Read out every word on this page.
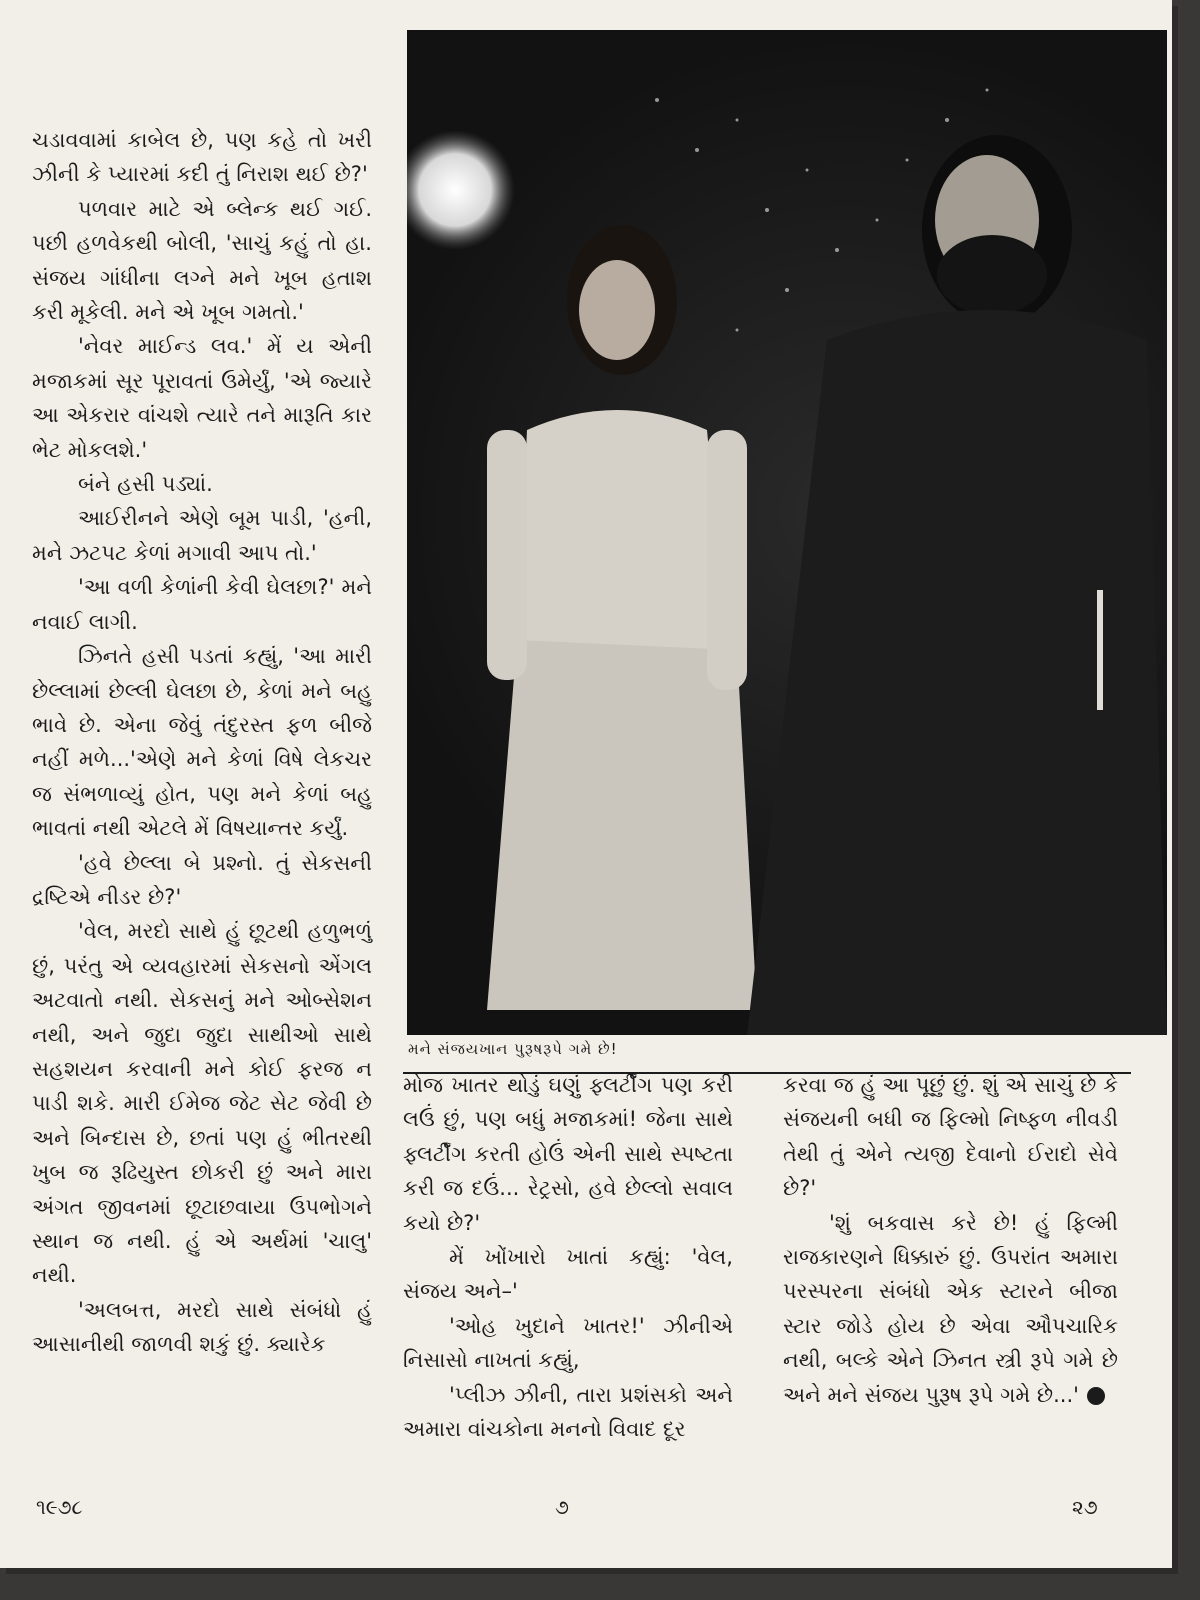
ચડાવવામાં કાબેલ છે, પણ કહે તો ખરી ઝીની કે પ્યારમાં કદી તું નિરાશ થઈ છે?'

પળવાર માટે એ બ્લેન્ક થઈ ગઈ. પછી હળવેકથી બોલી, 'સાચું કહું તો હા. સંજય ગાંધીના લગ્ને મને ખૂબ હતાશ કરી મૂકેલી. મને એ ખૂબ ગમતો.'

'નેવર માઈન્ડ લવ.' મેં ય એની મજાકમાં સૂર પૂરાવતાં ઉમેર્યું, 'એ જ્યારે આ એકરાર વાંચશે ત્યારે તને મારૂતિ કાર ભેટ મોકલશે.'

બંને હસી પડ્યાં.

આઈરીનને એણે બૂમ પાડી, 'હની, મને ઝટપટ કેળાં મગાવી આપ તો.'

'આ વળી કેળાંની કેવી ઘેલછા?' મને નવાઈ લાગી.

ઝિનતે હસી પડતાં કહ્યું, 'આ મારી છેલ્લામાં છેલ્લી ઘેલછા છે, કેળાં મને બહુ ભાવે છે. એના જેવું તંદુરસ્ત ફળ બીજે નહીં મળે...'એણે મને કેળાં વિષે લેકચર જ સંભળાવ્યું હોત, પણ મને કેળાં બહુ ભાવતાં નથી એટલે મેં વિષયાન્તર કર્યું.

'હવે છેલ્લા બે પ્રશ્નો. તું સેકસની દ્રષ્ટિએ નીડર છે?'

'વેલ, મરદો સાથે હું છૂટથી હળુભળું છું, પરંતુ એ વ્યવહારમાં સેકસનો એંગલ અટવાતો નથી. સેકસનું મને ઓબ્સેશન નથી, અને જુદા જુદા સાથીઓ સાથે સહશયન કરવાની મને કોઈ ફરજ ન પાડી શકે. મારી ઈમેજ જેટ સેટ જેવી છે અને બિન્દાસ છે, છતાં પણ હું ભીતરથી ખુબ જ રૂઢિયુસ્ત છોકરી છું અને મારા અંગત જીવનમાં છૂટાછવાયા ઉપભોગને સ્થાન જ નથી. હું એ અર્થમાં 'ચાલુ' નથી.

'અલબત્ત, મરદો સાથે સંબંધો હું આસાનીથી જાળવી શકું છું. ક્યારેક

મને સંજયખાન પુરૂષરૂપે ગમે છે!

મોજ ખાતર થોડું ઘણું ફ્લર્ટીંગ પણ કરી લઉં છું, પણ બધું મજાકમાં! જેના સાથે ફ્લર્ટીંગ કરતી હોઉં એની સાથે સ્પષ્ટતા કરી જ દઉં... રેટ્રસો, હવે છેલ્લો સવાલ કયો છે?'

મેં ખોંખારો ખાતાં કહ્યું: 'વેલ, સંજય અને–'

'ઓહ ખુદાને ખાતર!' ઝીનીએ નિસાસો નાખતાં કહ્યું,

'પ્લીઝ ઝીની, તારા પ્રશંસકો અને અમારા વાંચકોના મનનો વિવાદ દૂર

કરવા જ હું આ પૂછું છું. શું એ સાચું છે કે સંજયની બધી જ ફિલ્મો નિષ્ફળ નીવડી તેથી તું એને ત્યજી દેવાનો ઈરાદો સેવે છે?'

'શું બકવાસ કરે છે! હું ફિલ્મી રાજકારણને ધિક્કારું છું. ઉપરાંત અમારા પરસ્પરના સંબંધો એક સ્ટારને બીજા સ્ટાર જોડે હોય છે એવા ઔપચારિક નથી, બલ્કે એને ઝિનત સ્ત્રી રૂપે ગમે છે અને મને સંજય પુરૂષ રૂપે ગમે છે...'

૧૯૭૮	૭	૨૭
